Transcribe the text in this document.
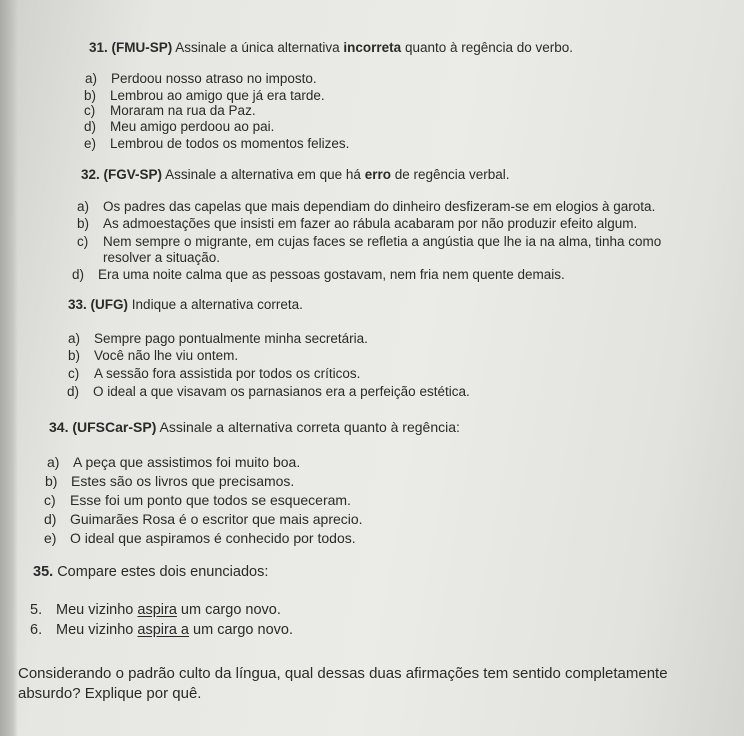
31. (FMU-SP) Assinale a única alternativa incorreta quanto à regência do verbo.
a) Perdoou nosso atraso no imposto.
b) Lembrou ao amigo que já era tarde.
c) Moraram na rua da Paz.
d) Meu amigo perdoou ao pai.
e) Lembrou de todos os momentos felizes.
32. (FGV-SP) Assinale a alternativa em que há erro de regência verbal.
a) Os padres das capelas que mais dependiam do dinheiro desfizeram-se em elogios à garota.
b) As admoestações que insisti em fazer ao rábula acabaram por não produzir efeito algum.
c) Nem sempre o migrante, em cujas faces se refletia a angústia que lhe ia na alma, tinha como
resolver a situação.
d) Era uma noite calma que as pessoas gostavam, nem fria nem quente demais.
33. (UFG) Indique a alternativa correta.
a) Sempre pago pontualmente minha secretária.
b) Você não lhe viu ontem.
c) A sessão fora assistida por todos os críticos.
d) O ideal a que visavam os parnasianos era a perfeição estética.
34. (UFSCar-SP) Assinale a alternativa correta quanto à regência:
a) A peça que assistimos foi muito boa.
b) Estes são os livros que precisamos.
c) Esse foi um ponto que todos se esqueceram.
d) Guimarães Rosa é o escritor que mais aprecio.
e) O ideal que aspiramos é conhecido por todos.
35. Compare estes dois enunciados:
5. Meu vizinho aspira um cargo novo.
6. Meu vizinho aspira a um cargo novo.
Considerando o padrão culto da língua, qual dessas duas afirmações tem sentido completamente
absurdo? Explique por quê.
